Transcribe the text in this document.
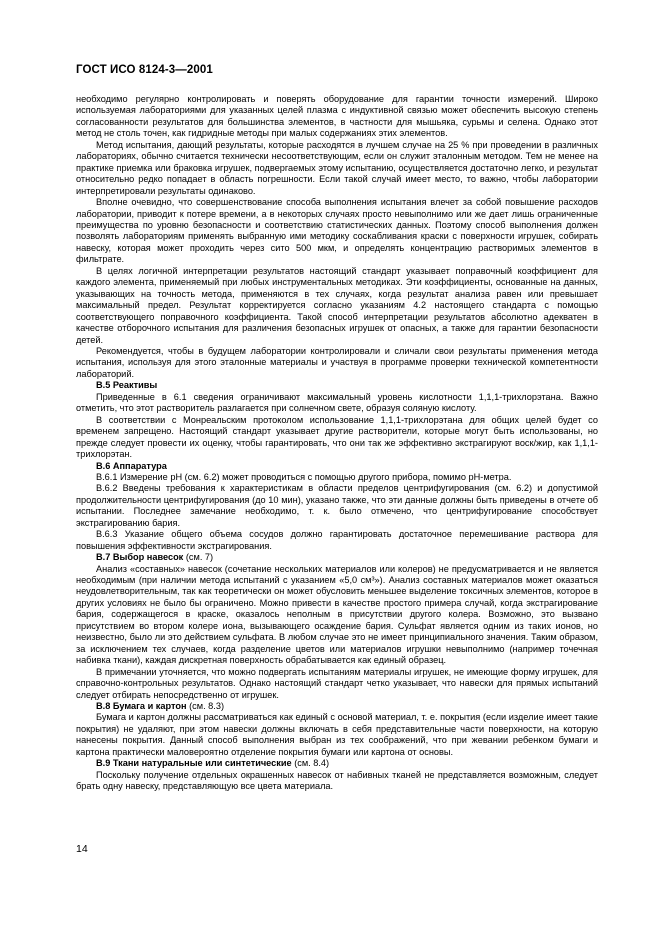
ГОСТ ИСО 8124-3—2001

необходимо регулярно контролировать и поверять оборудование для гарантии точности измерений. Широко используемая лабораториями для указанных целей плазма с индуктивной связью может обеспечить высокую степень согласованности результатов для большинства элементов, в частности для мышьяка, сурьмы и селена. Однако этот метод не столь точен, как гидридные методы при малых содержаниях этих элементов.

Метод испытания, дающий результаты, которые расходятся в лучшем случае на 25 % при проведении в различных лабораториях, обычно считается технически несоответствующим, если он служит эталонным методом. Тем не менее на практике приемка или браковка игрушек, подвергаемых этому испытанию, осуществляется достаточно легко, и результат относительно редко попадает в область погрешности. Если такой случай имеет место, то важно, чтобы лаборатории интерпретировали результаты одинаково.

Вполне очевидно, что совершенствование способа выполнения испытания влечет за собой повышение расходов лаборатории, приводит к потере времени, а в некоторых случаях просто невыполнимо или же дает лишь ограниченные преимущества по уровню безопасности и соответствию статистических данных. Поэтому способ выполнения должен позволять лабораториям применять выбранную ими методику соскабливания краски с поверхности игрушек, собирать навеску, которая может проходить через сито 500 мкм, и определять концентрацию растворимых элементов в фильтрате.

В целях логичной интерпретации результатов настоящий стандарт указывает поправочный коэффициент для каждого элемента, применяемый при любых инструментальных методиках. Эти коэффициенты, основанные на данных, указывающих на точность метода, применяются в тех случаях, когда результат анализа равен или превышает максимальный предел. Результат корректируется согласно указаниям 4.2 настоящего стандарта с помощью соответствующего поправочного коэффициента. Такой способ интерпретации результатов абсолютно адекватен в качестве отборочного испытания для различения безопасных игрушек от опасных, а также для гарантии безопасности детей.

Рекомендуется, чтобы в будущем лаборатории контролировали и сличали свои результаты применения метода испытания, используя для этого эталонные материалы и участвуя в программе проверки технической компетентности лабораторий.

В.5 Реактивы

Приведенные в 6.1 сведения ограничивают максимальный уровень кислотности 1,1,1-трихлорэтана. Важно отметить, что этот растворитель разлагается при солнечном свете, образуя соляную кислоту.

В соответствии с Монреальским протоколом использование 1,1,1-трихлорэтана для общих целей будет со временем запрещено. Настоящий стандарт указывает другие растворители, которые могут быть использованы, но прежде следует провести их оценку, чтобы гарантировать, что они так же эффективно экстрагируют воск/жир, как 1,1,1-трихлорэтан.

В.6 Аппаратура

В.6.1 Измерение pH (см. 6.2) может проводиться с помощью другого прибора, помимо pH-метра.

В.6.2 Введены требования к характеристикам в области пределов центрифугирования (см. 6.2) и допустимой продолжительности центрифугирования (до 10 мин), указано также, что эти данные должны быть приведены в отчете об испытании. Последнее замечание необходимо, т. к. было отмечено, что центрифугирование способствует экстрагированию бария.

В.6.3 Указание общего объема сосудов должно гарантировать достаточное перемешивание раствора для повышения эффективности экстрагирования.

В.7 Выбор навесок (см. 7)

Анализ «составных» навесок (сочетание нескольких материалов или колеров) не предусматривается и не является необходимым (при наличии метода испытаний с указанием «5,0 см³»). Анализ составных материалов может оказаться неудовлетворительным, так как теоретически он может обусловить меньшее выделение токсичных элементов, которое в других условиях не было бы ограничено. Можно привести в качестве простого примера случай, когда экстрагирование бария, содержащегося в краске, оказалось неполным в присутствии другого колера. Возможно, это вызвано присутствием во втором колере иона, вызывающего осаждение бария. Сульфат является одним из таких ионов, но неизвестно, было ли это действием сульфата. В любом случае это не имеет принципиального значения. Таким образом, за исключением тех случаев, когда разделение цветов или материалов игрушки невыполнимо (например точечная набивка ткани), каждая дискретная поверхность обрабатывается как единый образец.

В примечании уточняется, что можно подвергать испытаниям материалы игрушек, не имеющие форму игрушек, для справочно-контрольных результатов. Однако настоящий стандарт четко указывает, что навески для прямых испытаний следует отбирать непосредственно от игрушек.

В.8 Бумага и картон (см. 8.3)

Бумага и картон должны рассматриваться как единый с основой материал, т. е. покрытия (если изделие имеет такие покрытия) не удаляют, при этом навески должны включать в себя представительные части поверхности, на которую нанесены покрытия. Данный способ выполнения выбран из тех соображений, что при жевании ребенком бумаги и картона практически маловероятно отделение покрытия бумаги или картона от основы.

В.9 Ткани натуральные или синтетические (см. 8.4)

Поскольку получение отдельных окрашенных навесок от набивных тканей не представляется возможным, следует брать одну навеску, представляющую все цвета материала.

14
